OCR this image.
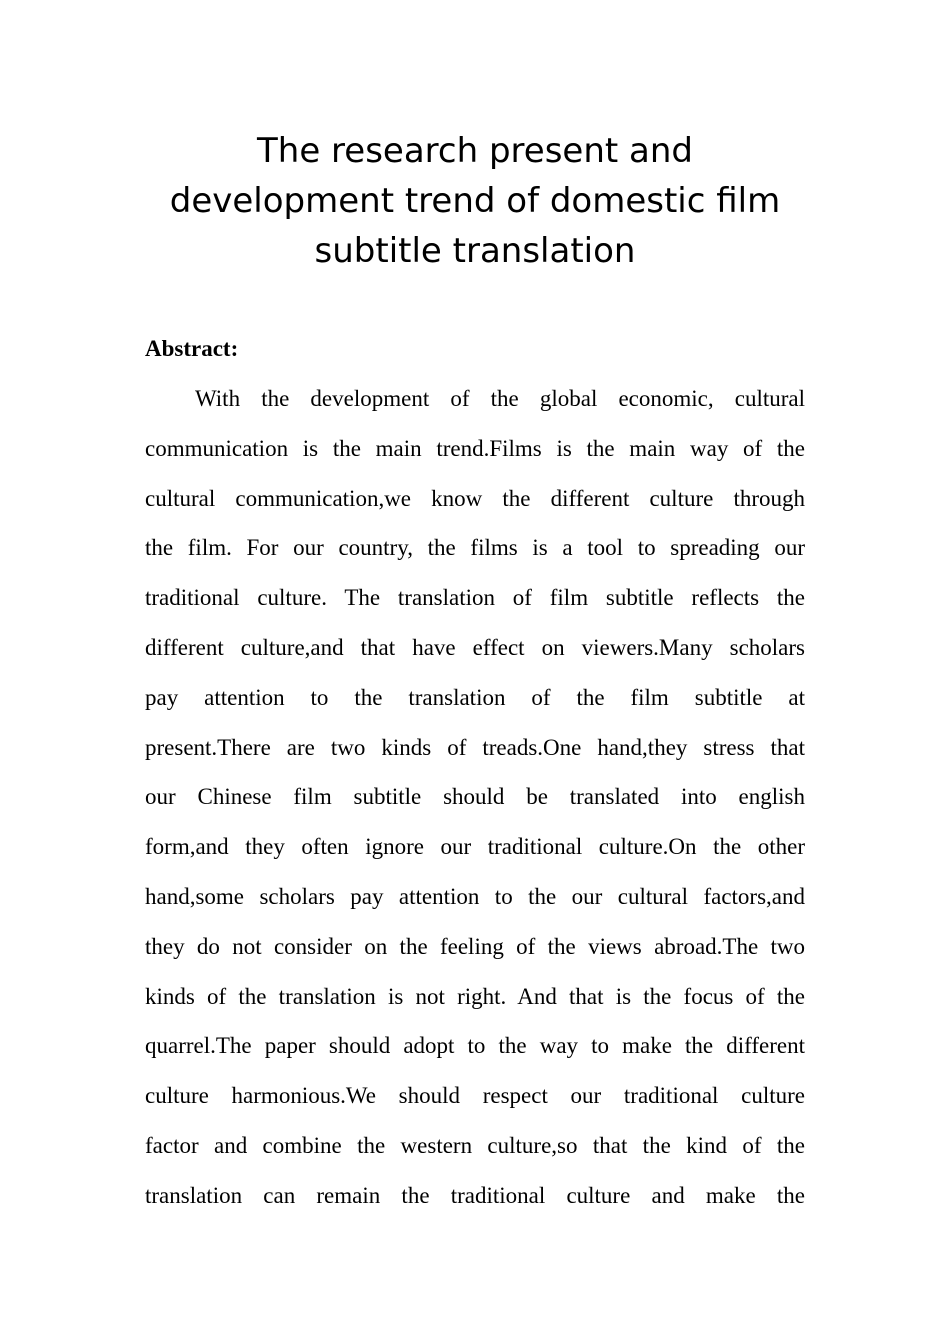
The research present and
development trend of domestic film
subtitle translation
Abstract:
With the development of the global economic, cultural
communication is the main trend.Films is the main way of the
cultural communication,we know the different culture through
the film. For our country, the films is a tool to spreading our
traditional culture. The translation of film subtitle reflects the
different culture,and that have effect on viewers.Many scholars
pay attention to the translation of the film subtitle at
present.There are two kinds of treads.One hand,they stress that
our Chinese film subtitle should be translated into english
form,and they often ignore our traditional culture.On the other
hand,some scholars pay attention to the our cultural factors,and
they do not consider on the feeling of the views abroad.The two
kinds of the translation is not right. And that is the focus of the
quarrel.The paper should adopt to the way to make the different
culture harmonious.We should respect our traditional culture
factor and combine the western culture,so that the kind of the
translation can remain the traditional culture and make the
